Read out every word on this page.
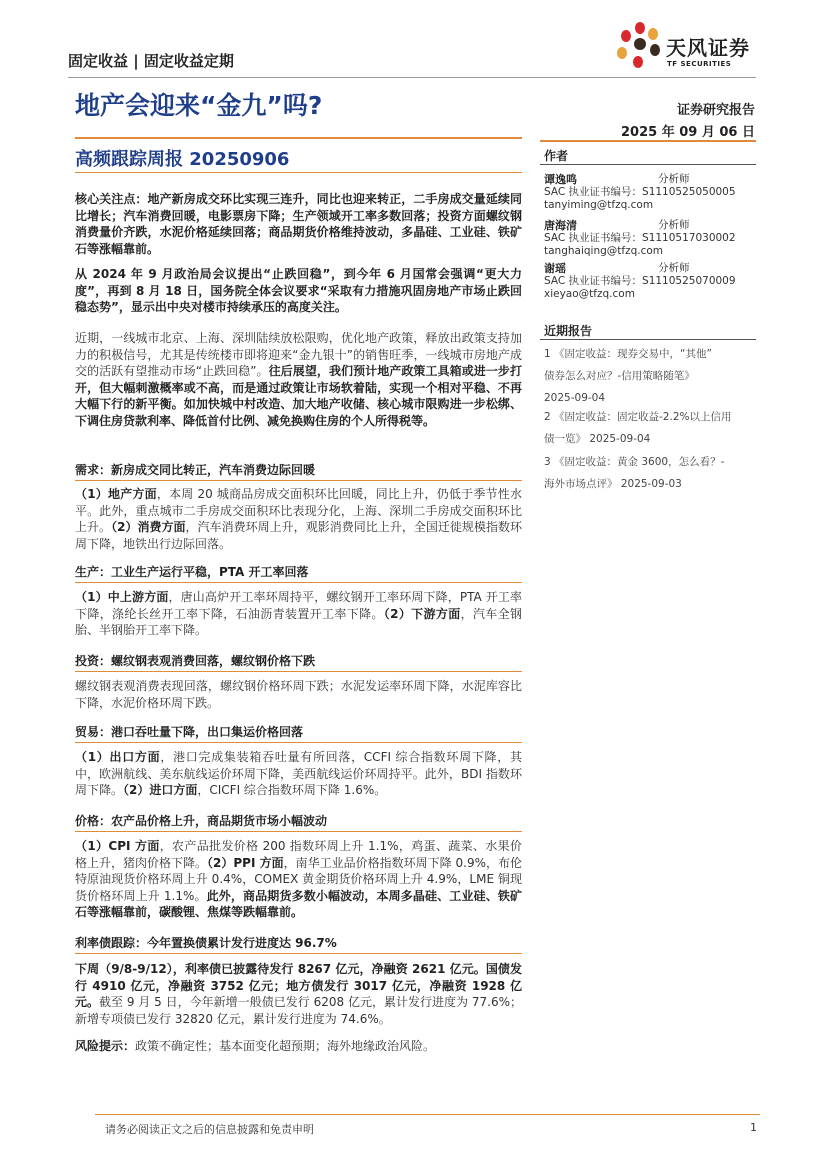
天风证券
TF SECURITIES
固定收益 | 固定收益定期
地产会迎来“金九”吗?	证券研究报告
2025 年 09 月 06 日
高频跟踪周报 20250906	作者
谭逸鸣	分析师
SAC 执业证书编号：S1110525050005
tanyiming@tfzq.com
唐海清	分析师
SAC 执业证书编号：S1110517030002
tanghaiqing@tfzq.com
谢瑶	分析师
SAC 执业证书编号：S1110525070009
xieyao@tfzq.com
近期报告
1 《固定收益：现券交易中，“其他”
债券怎么对应？-信用策略随笔》
2025-09-04
2 《固定收益：固定收益-2.2%以上信用
债一览》 2025-09-04
3 《固定收益：黄金 3600，怎么看？-
海外市场点评》 2025-09-03
核心关注点：地产新房成交环比实现三连升，同比也迎来转正，二手房成交量延续同比增长；汽车消费回暖，电影票房下降；生产领域开工率多数回落；投资方面螺纹钢消费量价齐跌，水泥价格延续回落；商品期货价格维持波动，多晶硅、工业硅、铁矿石等涨幅靠前。
从 2024 年 9 月政治局会议提出“止跌回稳”，到今年 6 月国常会强调“更大力度”，再到 8 月 18 日，国务院全体会议要求“采取有力措施巩固房地产市场止跌回稳态势”，显示出中央对楼市持续承压的高度关注。
近期，一线城市北京、上海、深圳陆续放松限购，优化地产政策，释放出政策支持加力的积极信号，尤其是传统楼市即将迎来“金九银十”的销售旺季，一线城市房地产成交的活跃有望推动市场“止跌回稳”。往后展望，我们预计地产政策工具箱或进一步打开，但大幅刺激概率或不高，而是通过政策让市场软着陆，实现一个相对平稳、不再大幅下行的新平衡。如加快城中村改造、加大地产收储、核心城市限购进一步松绑、下调住房贷款利率、降低首付比例、减免换购住房的个人所得税等。
需求：新房成交同比转正，汽车消费边际回暖
（1）地产方面，本周 20 城商品房成交面积环比回暖，同比上升，仍低于季节性水平。此外，重点城市二手房成交面积环比表现分化，上海、深圳二手房成交面积环比上升。（2）消费方面，汽车消费环周上升，观影消费同比上升，全国迁徙规模指数环周下降，地铁出行边际回落。
生产：工业生产运行平稳，PTA 开工率回落
（1）中上游方面，唐山高炉开工率环周持平，螺纹钢开工率环周下降，PTA 开工率下降，涤纶长丝开工率下降，石油沥青装置开工率下降。（2）下游方面，汽车全钢胎、半钢胎开工率下降。
投资：螺纹钢表观消费回落，螺纹钢价格下跌
螺纹钢表观消费表现回落，螺纹钢价格环周下跌；水泥发运率环周下降，水泥库容比下降，水泥价格环周下跌。
贸易：港口吞吐量下降，出口集运价格回落
（1）出口方面，港口完成集装箱吞吐量有所回落，CCFI 综合指数环周下降，其中，欧洲航线、美东航线运价环周下降，美西航线运价环周持平。此外，BDI 指数环周下降。（2）进口方面，CICFI 综合指数环周下降 1.6%。
价格：农产品价格上升，商品期货市场小幅波动
（1）CPI 方面，农产品批发价格 200 指数环周上升 1.1%，鸡蛋、蔬菜、水果价格上升，猪肉价格下降。（2）PPI 方面，南华工业品价格指数环周下降 0.9%，布伦特原油现货价格环周上升 0.4%，COMEX 黄金期货价格环周上升 4.9%，LME 铜现货价格环周上升 1.1%。此外，商品期货多数小幅波动，本周多晶硅、工业硅、铁矿石等涨幅靠前，碳酸锂、焦煤等跌幅靠前。
利率债跟踪：今年置换债累计发行进度达 96.7%
下周（9/8-9/12），利率债已披露待发行 8267 亿元，净融资 2621 亿元。国债发行 4910 亿元，净融资 3752 亿元；地方债发行 3017 亿元，净融资 1928 亿元。截至 9 月 5 日，今年新增一般债已发行 6208 亿元，累计发行进度为 77.6%；新增专项债已发行 32820 亿元，累计发行进度为 74.6%。
风险提示：政策不确定性；基本面变化超预期；海外地缘政治风险。
请务必阅读正文之后的信息披露和免责申明	1
